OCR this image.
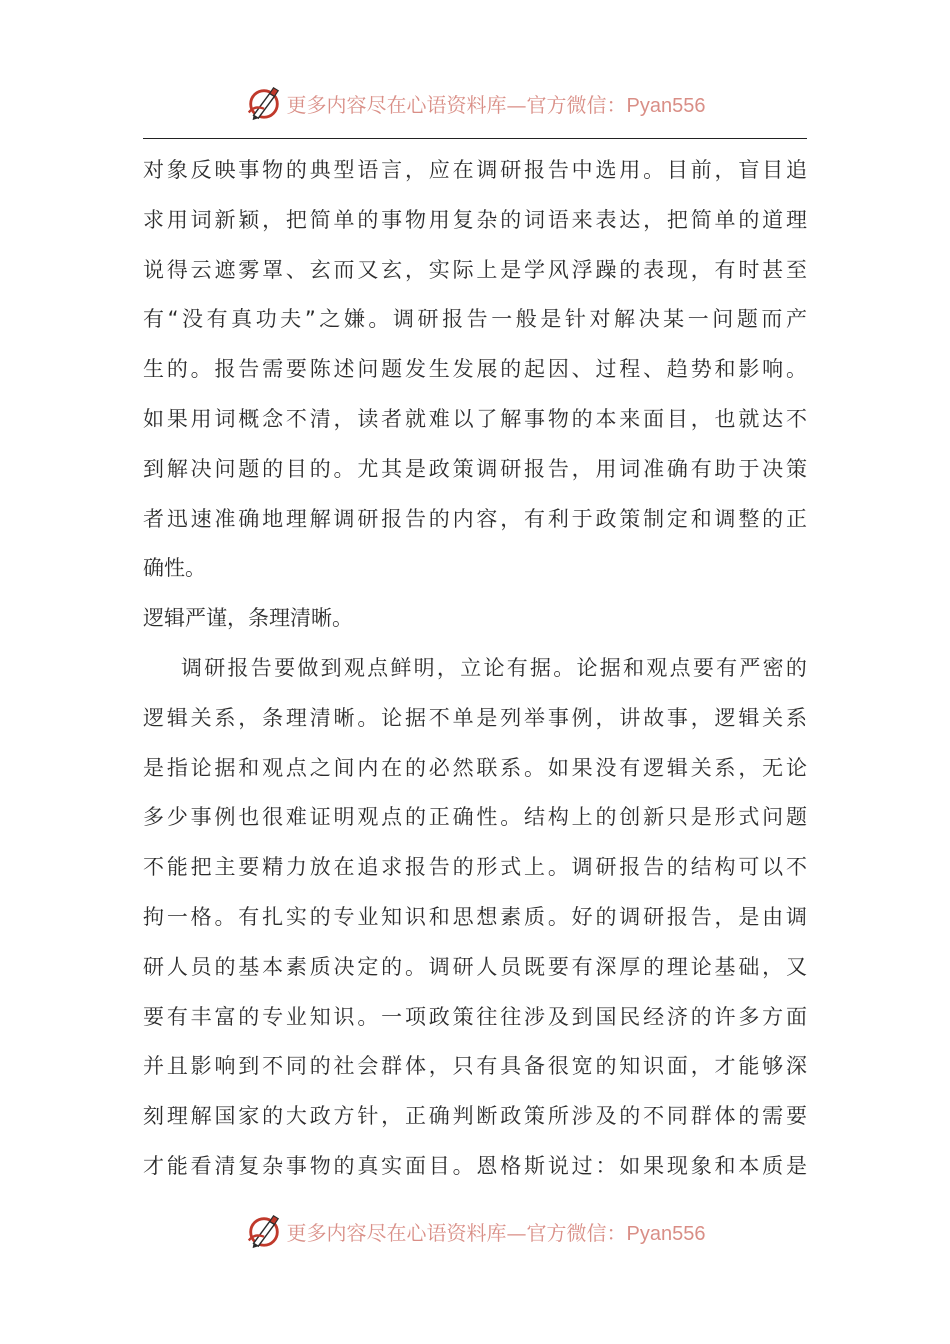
更多内容尽在心语资料库—官方微信：Pyan556
对 象 反 映 事 物 的 典 型 语 言 ， 应 在 调 研 报 告 中 选 用 。 目 前 ， 盲 目 追
求 用 词 新 颖 ， 把 简 单 的 事 物 用 复 杂 的 词 语 来 表 达 ， 把 简 单 的 道 理
说 得 云 遮 雾 罩 、 玄 而 又 玄 ， 实 际 上 是 学 风 浮 躁 的 表 现 ， 有 时 甚 至
有 “ 没 有 真 功 夫 ” 之 嫌 。 调 研 报 告 一 般 是 针 对 解 决 某 一 问 题 而 产
生 的 。 报 告 需 要 陈 述 问 题 发 生 发 展 的 起 因 、 过 程 、 趋 势 和 影 响 。
如 果 用 词 概 念 不 清 ， 读 者 就 难 以 了 解 事 物 的 本 来 面 目 ， 也 就 达 不
到 解 决 问 题 的 目 的 。 尤 其 是 政 策 调 研 报 告 ， 用 词 准 确 有 助 于 决 策
者 迅 速 准 确 地 理 解 调 研 报 告 的 内 容 ， 有 利 于 政 策 制 定 和 调 整 的 正
确性。
逻辑严谨，条理清晰。
调 研 报 告 要 做 到 观 点 鲜 明 ， 立 论 有 据 。 论 据 和 观 点 要 有 严 密 的
逻 辑 关 系 ， 条 理 清 晰 。 论 据 不 单 是 列 举 事 例 ， 讲 故 事 ， 逻 辑 关 系
是 指 论 据 和 观 点 之 间 内 在 的 必 然 联 系 。 如 果 没 有 逻 辑 关 系 ， 无 论
多 少 事 例 也 很 难 证 明 观 点 的 正 确 性 。 结 构 上 的 创 新 只 是 形 式 问 题
不 能 把 主 要 精 力 放 在 追 求 报 告 的 形 式 上 。 调 研 报 告 的 结 构 可 以 不
拘 一 格 。 有 扎 实 的 专 业 知 识 和 思 想 素 质 。 好 的 调 研 报 告 ， 是 由 调
研 人 员 的 基 本 素 质 决 定 的 。 调 研 人 员 既 要 有 深 厚 的 理 论 基 础 ， 又
要 有 丰 富 的 专 业 知 识 。 一 项 政 策 往 往 涉 及 到 国 民 经 济 的 许 多 方 面
并 且 影 响 到 不 同 的 社 会 群 体 ， 只 有 具 备 很 宽 的 知 识 面 ， 才 能 够 深
刻 理 解 国 家 的 大 政 方 针 ， 正 确 判 断 政 策 所 涉 及 的 不 同 群 体 的 需 要
才 能 看 清 复 杂 事 物 的 真 实 面 目 。 恩 格 斯 说 过 ： 如 果 现 象 和 本 质 是
更多内容尽在心语资料库—官方微信：Pyan556
